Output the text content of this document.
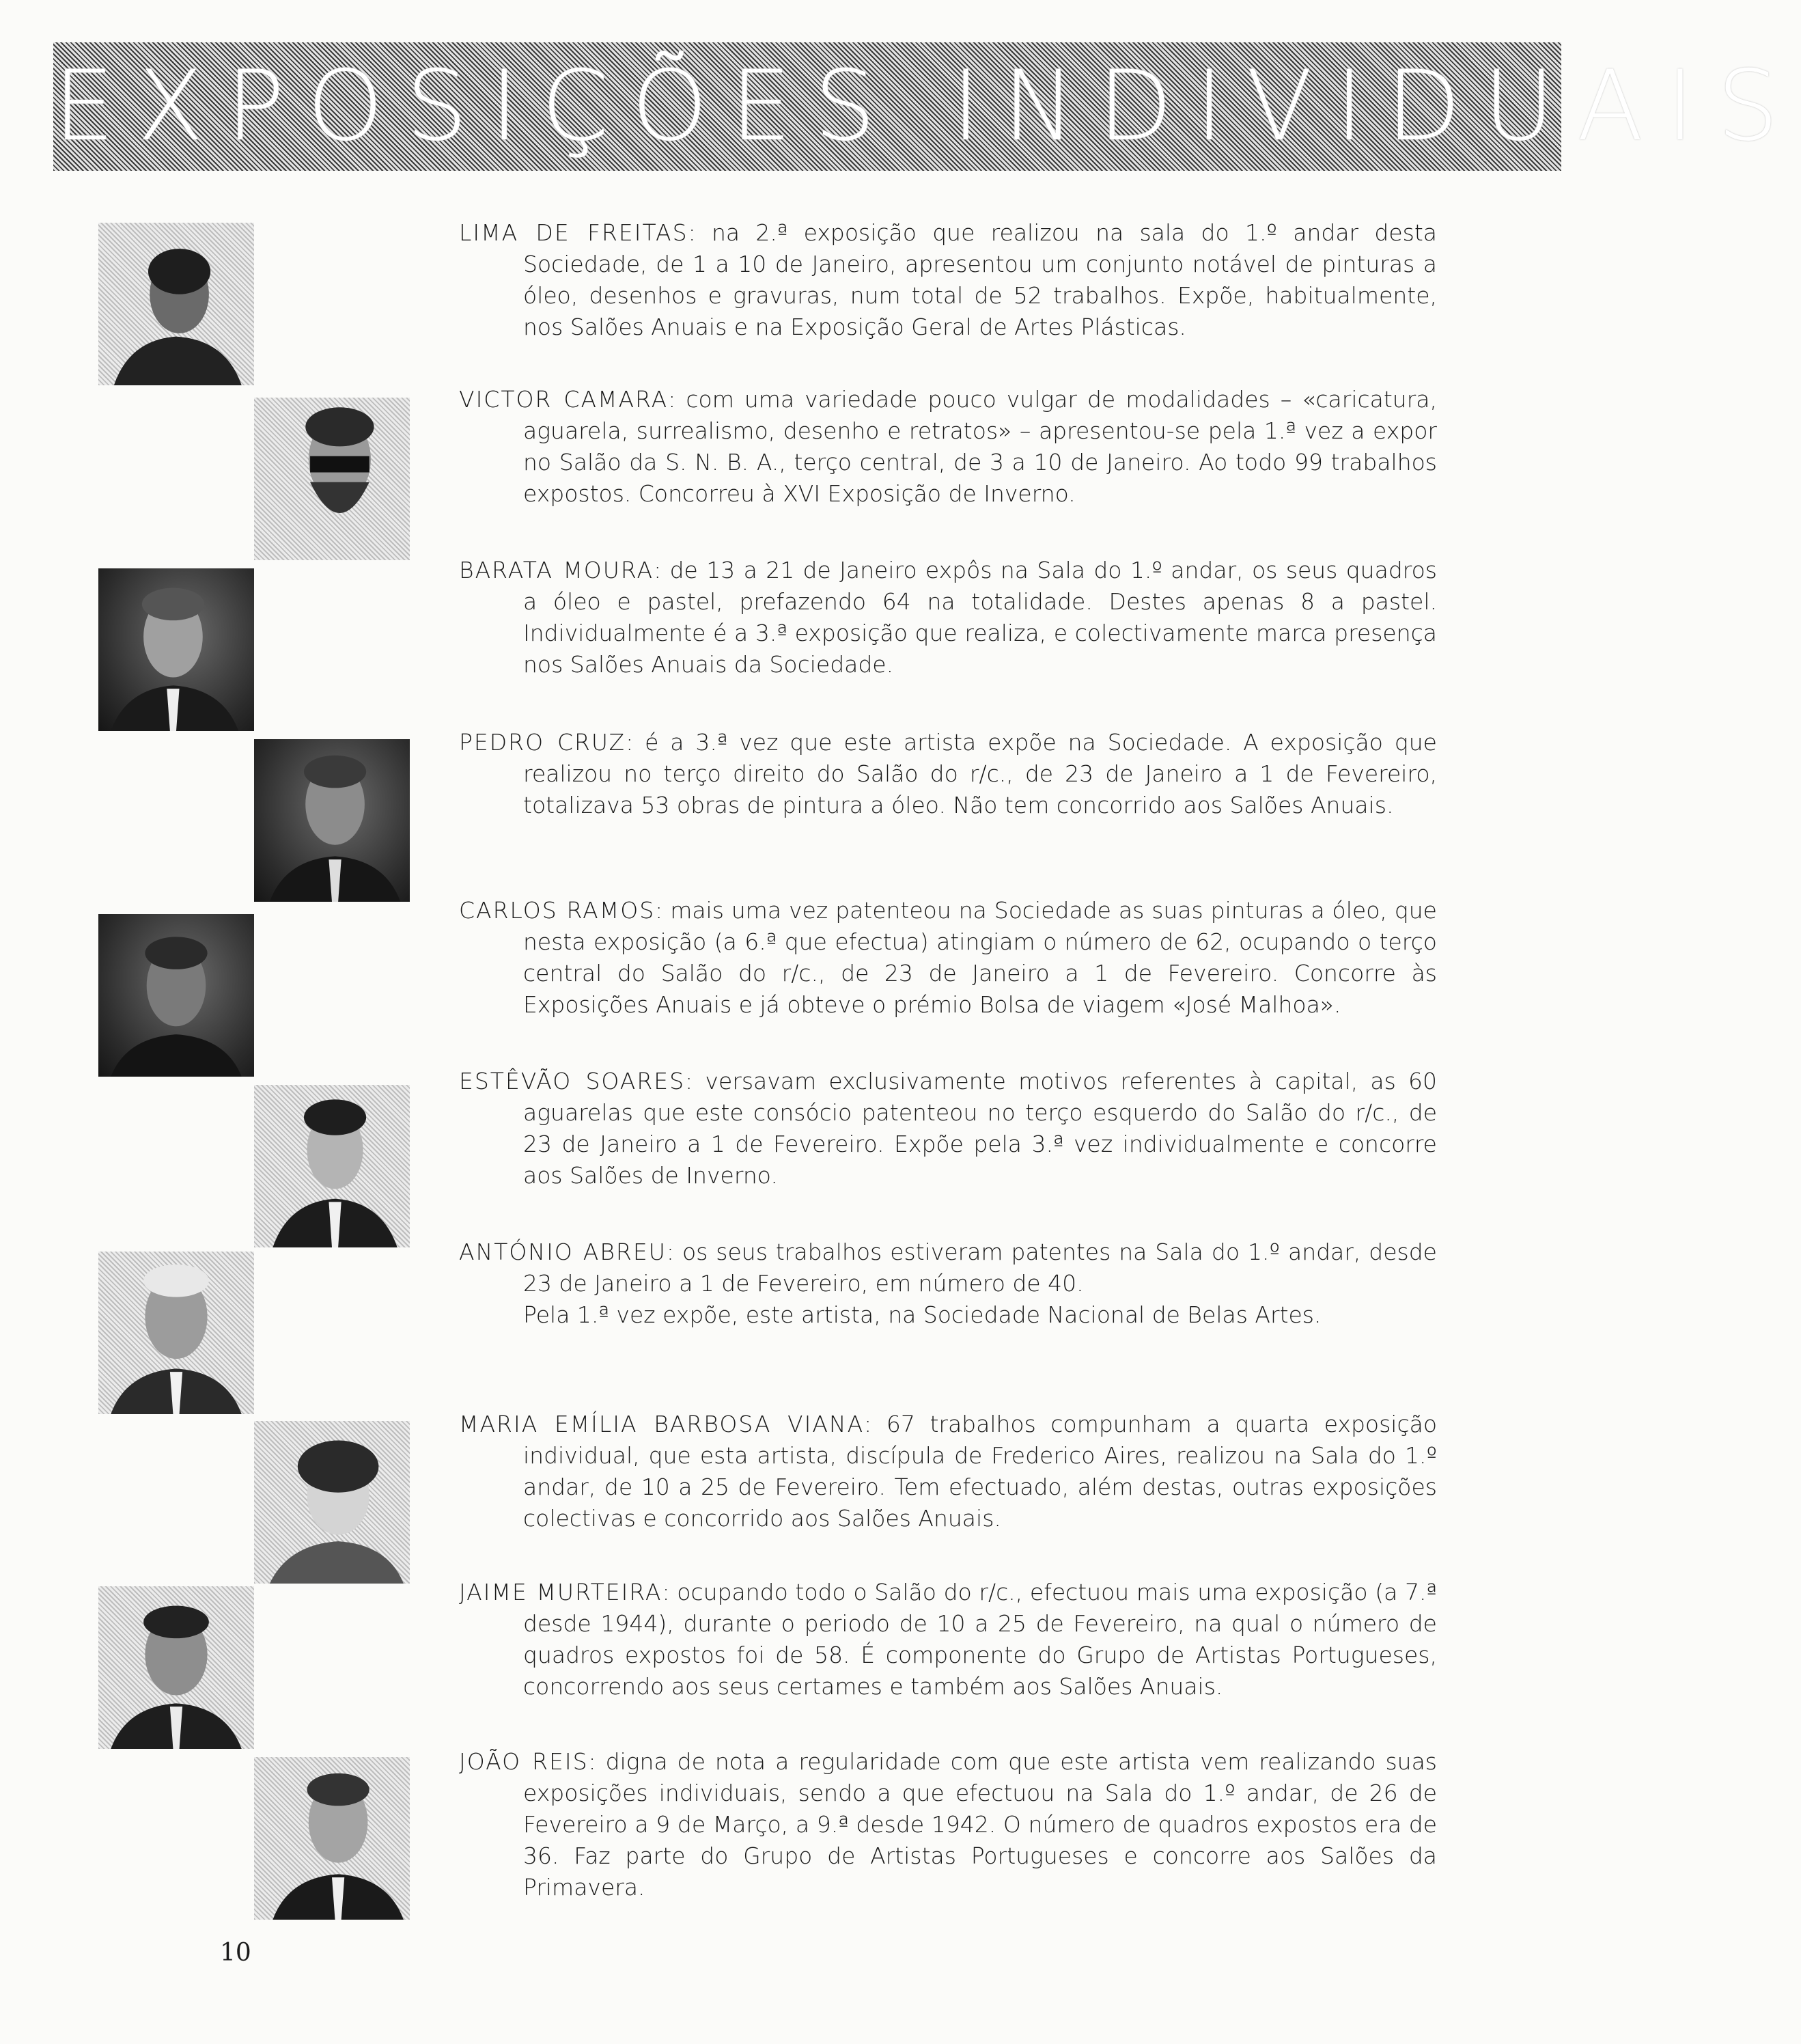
EXPOSIÇÕES INDIVIDUAIS

LIMA DE FREITAS: na 2.ª exposição que realizou na sala do 1.º andar desta Sociedade, de 1 a 10 de Janeiro, apresentou um conjunto notável de pinturas a óleo, desenhos e gravuras, num total de 52 trabalhos. Expõe, habitualmente, nos Salões Anuais e na Exposição Geral de Artes Plásticas.

VICTOR CAMARA: com uma variedade pouco vulgar de modalidades – «caricatura, aguarela, surrealismo, desenho e retratos» – apresentou-se pela 1.ª vez a expor no Salão da S. N. B. A., terço central, de 3 a 10 de Janeiro. Ao todo 99 trabalhos expostos. Concorreu à XVI Exposição de Inverno.

BARATA MOURA: de 13 a 21 de Janeiro expôs na Sala do 1.º andar, os seus quadros a óleo e pastel, prefazendo 64 na totalidade. Destes apenas 8 a pastel. Individualmente é a 3.ª exposição que realiza, e colectivamente marca presença nos Salões Anuais da Sociedade.

PEDRO CRUZ: é a 3.ª vez que este artista expõe na Sociedade. A exposição que realizou no terço direito do Salão do r/c., de 23 de Janeiro a 1 de Fevereiro, totalizava 53 obras de pintura a óleo. Não tem concorrido aos Salões Anuais.

CARLOS RAMOS: mais uma vez patenteou na Sociedade as suas pinturas a óleo, que nesta exposição (a 6.ª que efectua) atingiam o número de 62, ocupando o terço central do Salão do r/c., de 23 de Janeiro a 1 de Fevereiro. Concorre às Exposições Anuais e já obteve o prémio Bolsa de viagem «José Malhoa».

ESTÊVÃO SOARES: versavam exclusivamente motivos referentes à capital, as 60 aguarelas que este consócio patenteou no terço esquerdo do Salão do r/c., de 23 de Janeiro a 1 de Fevereiro. Expõe pela 3.ª vez individualmente e concorre aos Salões de Inverno.

ANTÓNIO ABREU: os seus trabalhos estiveram patentes na Sala do 1.º andar, desde 23 de Janeiro a 1 de Fevereiro, em número de 40.
Pela 1.ª vez expõe, este artista, na Sociedade Nacional de Belas Artes.

MARIA EMÍLIA BARBOSA VIANA: 67 trabalhos compunham a quarta exposição individual, que esta artista, discípula de Frederico Aires, realizou na Sala do 1.º andar, de 10 a 25 de Fevereiro. Tem efectuado, além destas, outras exposições colectivas e concorrido aos Salões Anuais.

JAIME MURTEIRA: ocupando todo o Salão do r/c., efectuou mais uma exposição (a 7.ª desde 1944), durante o periodo de 10 a 25 de Fevereiro, na qual o número de quadros expostos foi de 58. É componente do Grupo de Artistas Portugueses, concorrendo aos seus certames e também aos Salões Anuais.

JOÃO REIS: digna de nota a regularidade com que este artista vem realizando suas exposições individuais, sendo a que efectuou na Sala do 1.º andar, de 26 de Fevereiro a 9 de Março, a 9.ª desde 1942. O número de quadros expostos era de 36. Faz parte do Grupo de Artistas Portugueses e concorre aos Salões da Primavera.

10
